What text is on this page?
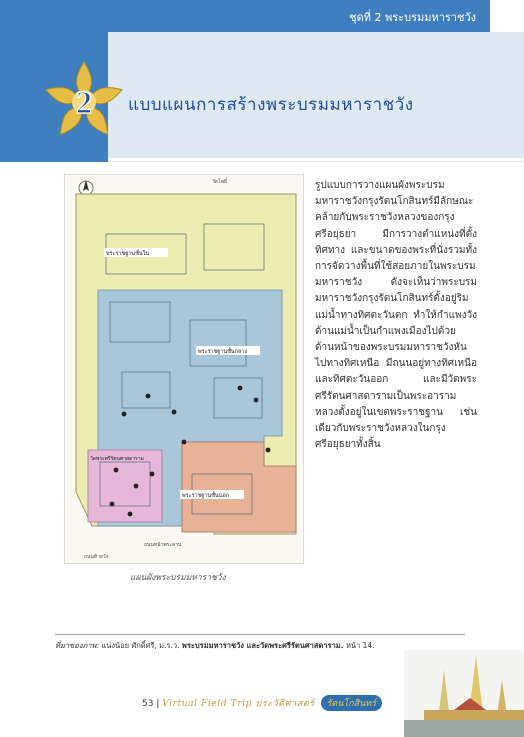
ชุดที่ 2 พระบรมมหาราชวัง
2 แบบแผนการสร้างพระบรมมหาราชวัง
วัดโพธิ์
พระราชฐานชั้นใน
พระราชฐานชั้นกลาง
พระราชฐานชั้นนอก
วัดพระศรีรัตนศาสดาราม
ถนนหน้าพระลาน
ถนนท้ายวัง
แผนผังพระบรมมหาราชวัง

รูปแบบการวางแผนผังพระบรมมหาราชวังกรุงรัตนโกสินทร์มีลักษณะคล้ายกับพระราชวังหลวงของกรุงศรีอยุธยา มีการวางตำแหน่งที่ตั้ง ทิศทาง และขนาดของพระที่นั่งรวมทั้งการจัดวางพื้นที่ใช้สอยภายในพระบรมมหาราชวัง ดังจะเห็นว่าพระบรมมหาราชวังกรุงรัตนโกสินทร์ตั้งอยู่ริมแม่น้ำทางทิศตะวันตก ทำให้กำแพงวังด้านแม่น้ำเป็นกำแพงเมืองไปด้วย ด้านหน้าของพระบรมมหาราชวังหันไปทางทิศเหนือ มีถนนอยู่ทางทิศเหนือและทิศตะวันออก และมีวัดพระศรีรัตนศาสดารามเป็นพระอารามหลวงตั้งอยู่ในเขตพระราชฐาน เช่นเดียวกับพระราชวังหลวงในกรุงศรีอยุธยาทั้งสิ้น

ที่มาของภาพ: แน่งน้อย ศักดิ์ศรี, ม.ร.ว. พระบรมมหาราชวัง และวัดพระศรีรัตนศาสดาราม. หน้า 14.
53 | Virtual Field Trip ประวัติศาสตร์ รัตนโกสินทร์
